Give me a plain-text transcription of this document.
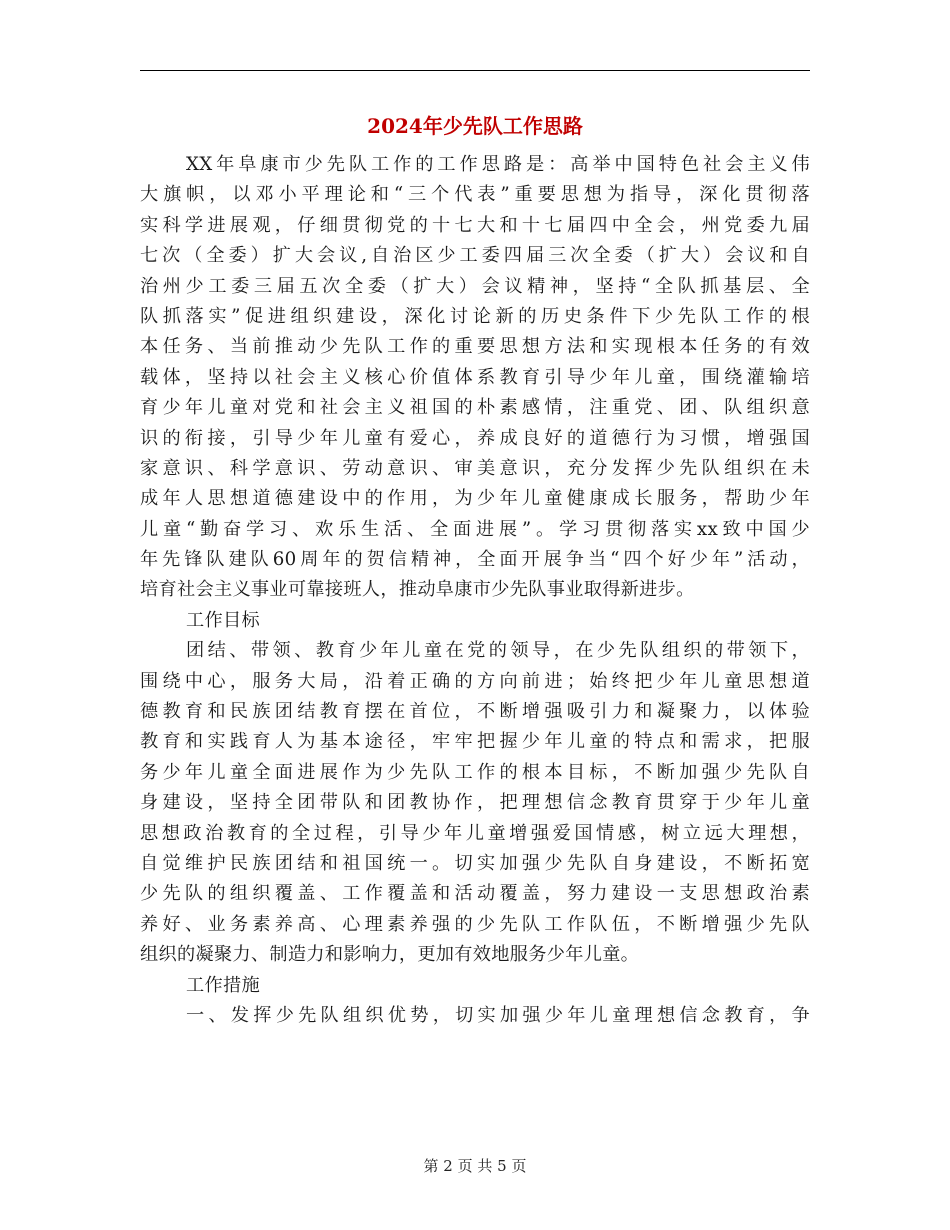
2024年少先队工作思路
XX年阜康市少先队工作的工作思路是：高举中国特色社会主义伟
大旗帜，以邓小平理论和“三个代表”重要思想为指导，深化贯彻落
实科学进展观，仔细贯彻党的十七大和十七届四中全会，州党委九届
七次（全委）扩大会议,自治区少工委四届三次全委（扩大）会议和自
治州少工委三届五次全委（扩大）会议精神，坚持“全队抓基层、全
队抓落实”促进组织建设，深化讨论新的历史条件下少先队工作的根
本任务、当前推动少先队工作的重要思想方法和实现根本任务的有效
载体，坚持以社会主义核心价值体系教育引导少年儿童，围绕灌输培
育少年儿童对党和社会主义祖国的朴素感情，注重党、团、队组织意
识的衔接，引导少年儿童有爱心，养成良好的道德行为习惯，增强国
家意识、科学意识、劳动意识、审美意识，充分发挥少先队组织在未
成年人思想道德建设中的作用，为少年儿童健康成长服务，帮助少年
儿童“勤奋学习、欢乐生活、全面进展”。学习贯彻落实xx致中国少
年先锋队建队60周年的贺信精神，全面开展争当“四个好少年”活动，
培育社会主义事业可靠接班人，推动阜康市少先队事业取得新进步。
工作目标
团结、带领、教育少年儿童在党的领导，在少先队组织的带领下，
围绕中心，服务大局，沿着正确的方向前进；始终把少年儿童思想道
德教育和民族团结教育摆在首位，不断增强吸引力和凝聚力，以体验
教育和实践育人为基本途径，牢牢把握少年儿童的特点和需求，把服
务少年儿童全面进展作为少先队工作的根本目标，不断加强少先队自
身建设，坚持全团带队和团教协作，把理想信念教育贯穿于少年儿童
思想政治教育的全过程，引导少年儿童增强爱国情感，树立远大理想，
自觉维护民族团结和祖国统一。切实加强少先队自身建设，不断拓宽
少先队的组织覆盖、工作覆盖和活动覆盖，努力建设一支思想政治素
养好、业务素养高、心理素养强的少先队工作队伍，不断增强少先队
组织的凝聚力、制造力和影响力，更加有效地服务少年儿童。
工作措施
一、发挥少先队组织优势，切实加强少年儿童理想信念教育，争
第 2 页 共 5 页
